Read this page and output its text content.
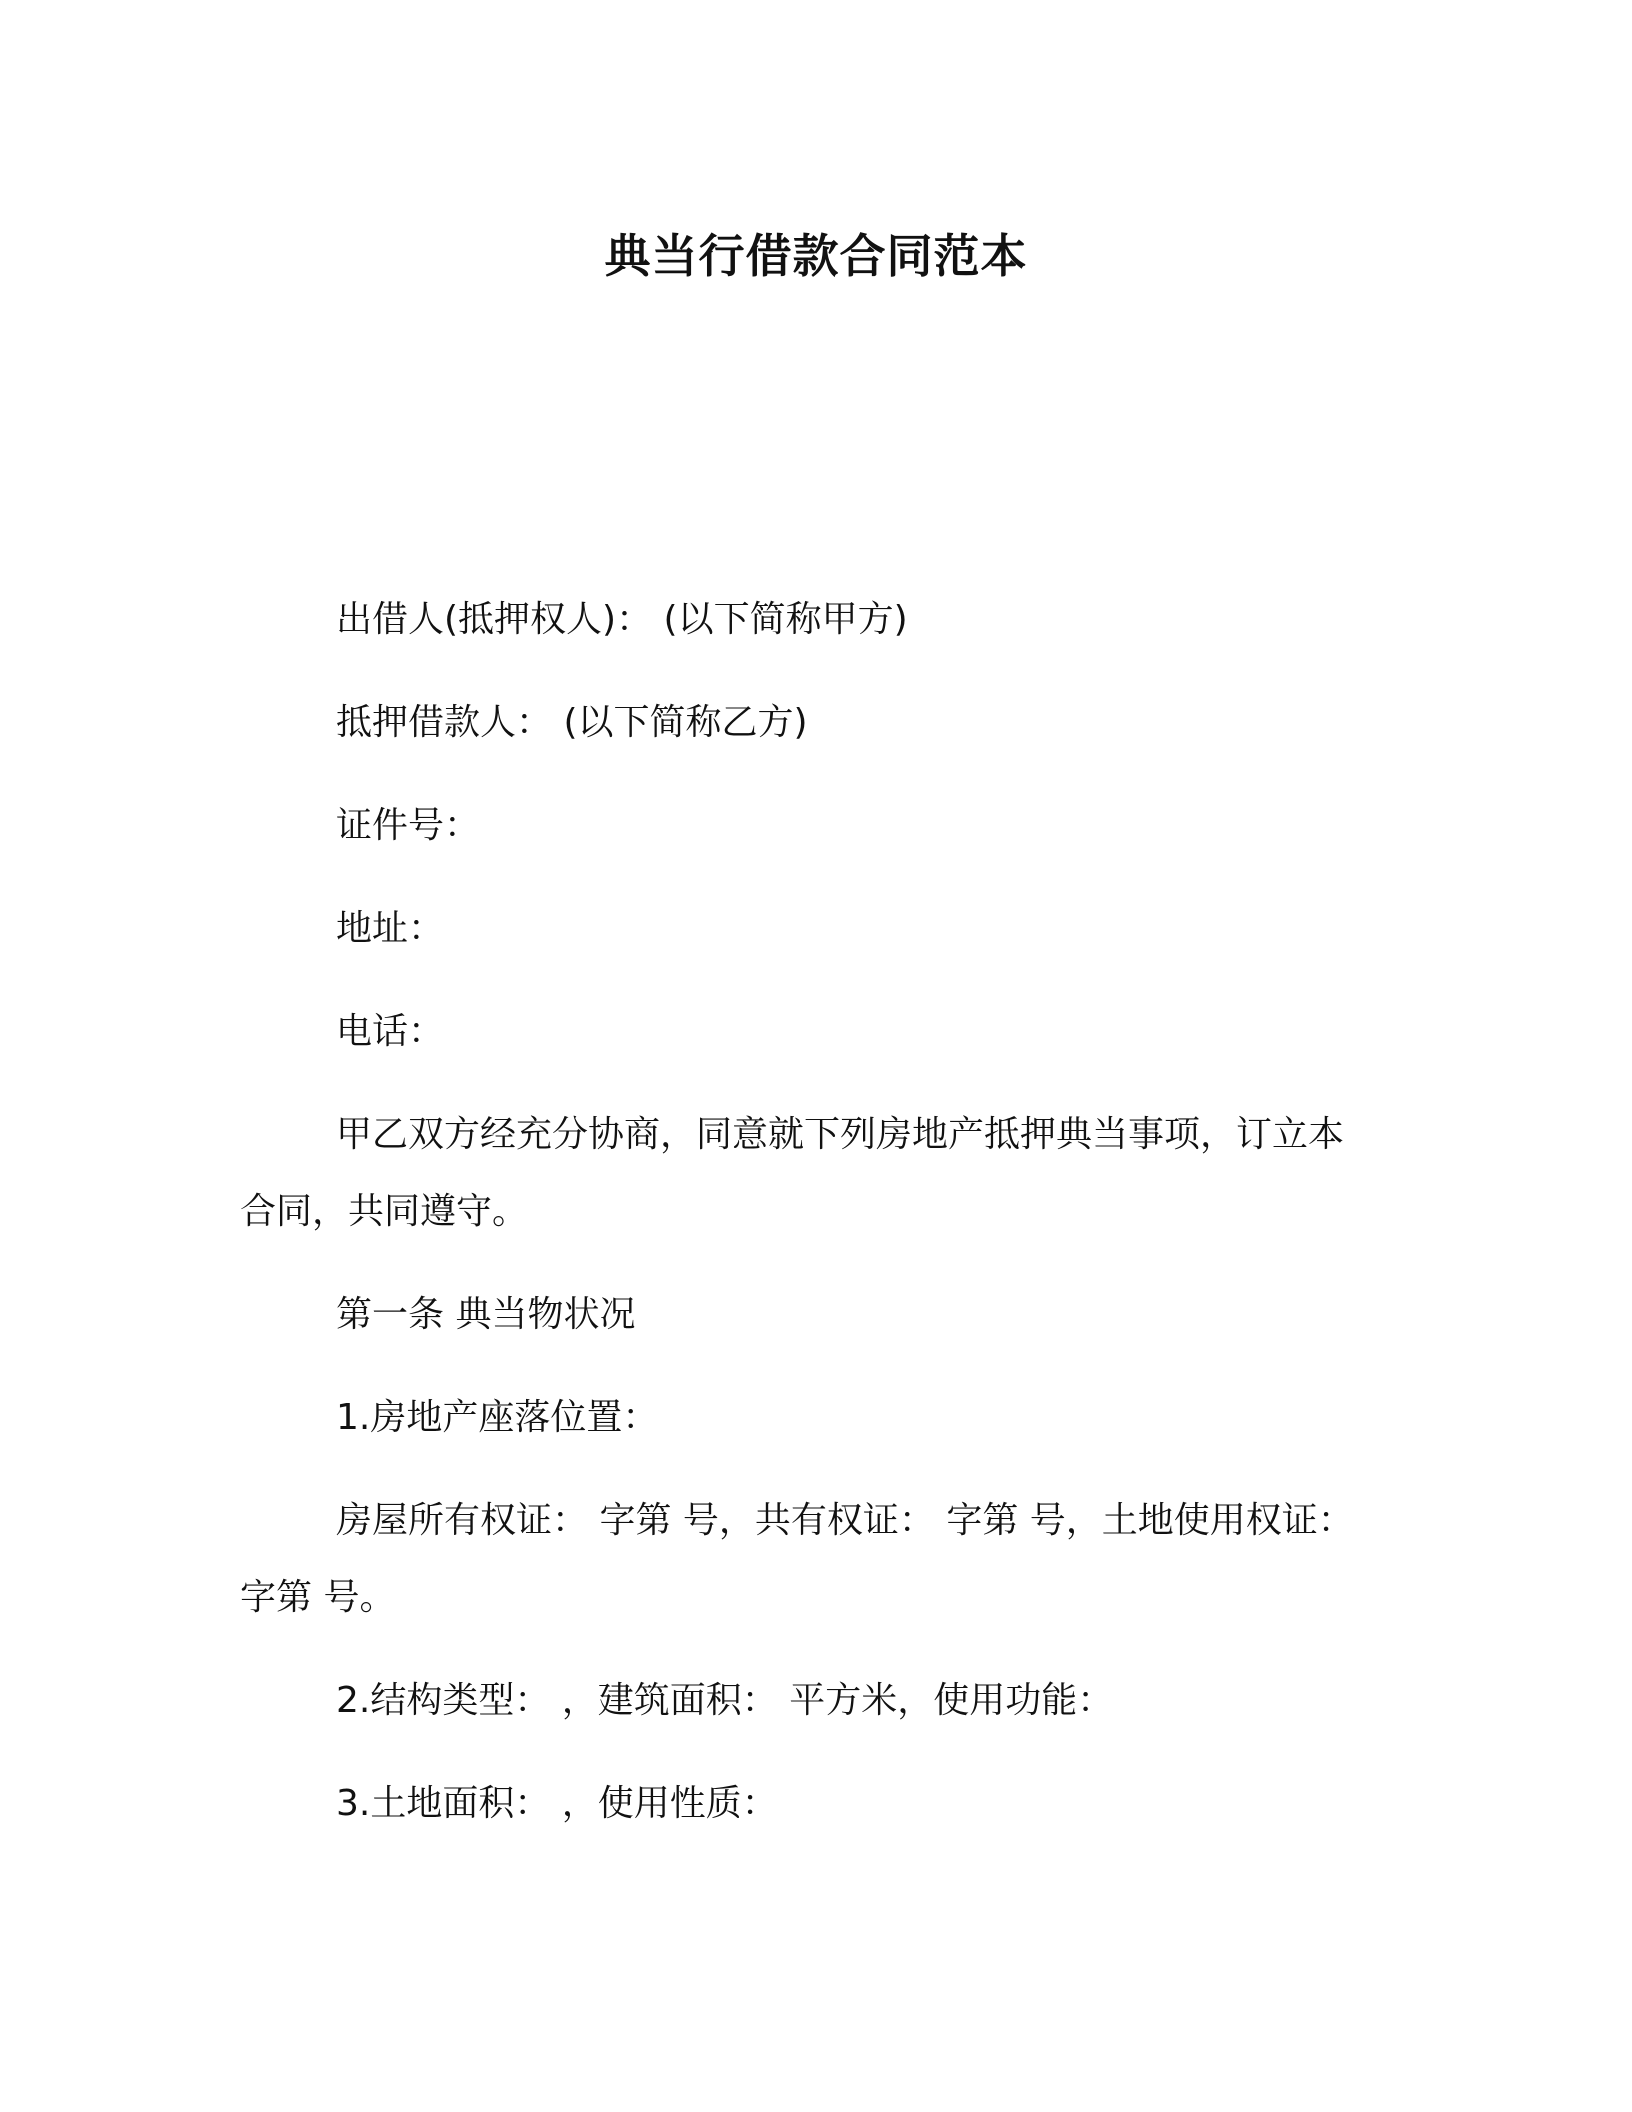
典当行借款合同范本

出借人(抵押权人)： (以下简称甲方)

抵押借款人： (以下简称乙方)

证件号：

地址：

电话：

甲乙双方经充分协商，同意就下列房地产抵押典当事项，订立本

合同，共同遵守。

第一条 典当物状况

1.房地产座落位置：

房屋所有权证： 字第 号，共有权证： 字第 号，土地使用权证：

字第 号。

2.结构类型： ，建筑面积： 平方米，使用功能：

3.土地面积： ，使用性质：
